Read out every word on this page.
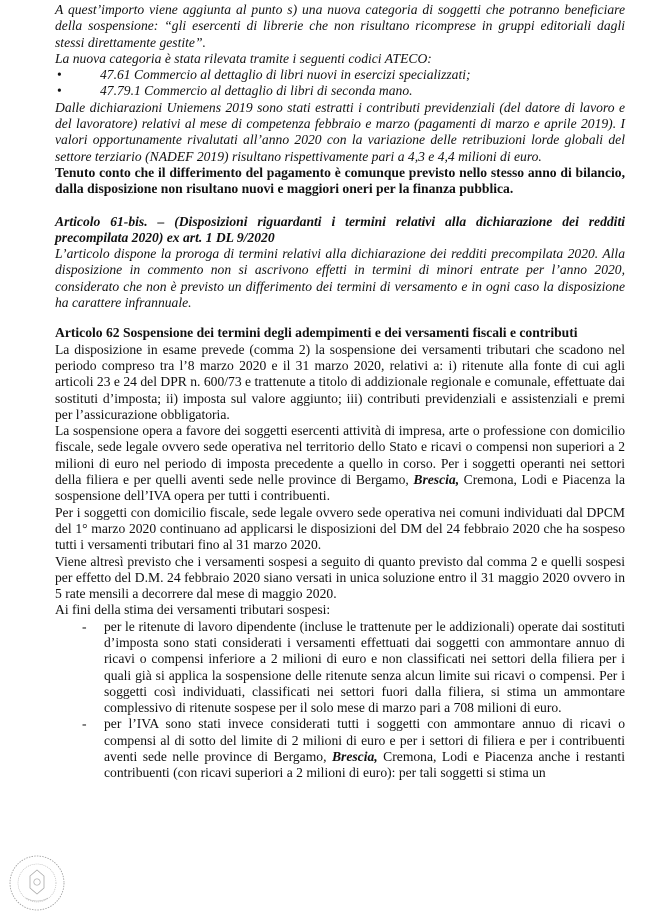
A quest’importo viene aggiunta al punto s) una nuova categoria di soggetti che potranno beneficiare della sospensione: “gli esercenti di librerie che non risultano ricomprese in gruppi editoriali dagli stessi direttamente gestite”.

La nuova categoria è stata rilevata tramite i seguenti codici ATECO:

•	47.61 Commercio al dettaglio di libri nuovi in esercizi specializzati;
•	47.79.1 Commercio al dettaglio di libri di seconda mano.

Dalle dichiarazioni Uniemens 2019 sono stati estratti i contributi previdenziali (del datore di lavoro e del lavoratore) relativi al mese di competenza febbraio e marzo (pagamenti di marzo e aprile 2019). I valori opportunamente rivalutati all’anno 2020 con la variazione delle retribuzioni lorde globali del settore terziario (NADEF 2019) risultano rispettivamente pari a 4,3 e 4,4 milioni di euro.

Tenuto conto che il differimento del pagamento è comunque previsto nello stesso anno di bilancio, dalla disposizione non risultano nuovi e maggiori oneri per la finanza pubblica.

Articolo 61-bis. – (Disposizioni riguardanti i termini relativi alla dichiarazione dei redditi precompilata 2020) ex art. 1 DL 9/2020

L’articolo dispone la proroga di termini relativi alla dichiarazione dei redditi precompilata 2020. Alla disposizione in commento non si ascrivono effetti in termini di minori entrate per l’anno 2020, considerato che non è previsto un differimento dei termini di versamento e in ogni caso la disposizione ha carattere infrannuale.

Articolo 62 Sospensione dei termini degli adempimenti e dei versamenti fiscali e contributi

La disposizione in esame prevede (comma 2) la sospensione dei versamenti tributari che scadono nel periodo compreso tra l’8 marzo 2020 e il 31 marzo 2020, relativi a: i) ritenute alla fonte di cui agli articoli 23 e 24 del DPR n. 600/73 e trattenute a titolo di addizionale regionale e comunale, effettuate dai sostituti d’imposta; ii) imposta sul valore aggiunto; iii) contributi previdenziali e assistenziali e premi per l’assicurazione obbligatoria.

La sospensione opera a favore dei soggetti esercenti attività di impresa, arte o professione con domicilio fiscale, sede legale ovvero sede operativa nel territorio dello Stato e ricavi o compensi non superiori a 2 milioni di euro nel periodo di imposta precedente a quello in corso. Per i soggetti operanti nei settori della filiera e per quelli aventi sede nelle province di Bergamo, Brescia, Cremona, Lodi e Piacenza la sospensione dell’IVA opera per tutti i contribuenti.

Per i soggetti con domicilio fiscale, sede legale ovvero sede operativa nei comuni individuati dal DPCM del 1° marzo 2020 continuano ad applicarsi le disposizioni del DM del 24 febbraio 2020 che ha sospeso tutti i versamenti tributari fino al 31 marzo 2020.

Viene altresì previsto che i versamenti sospesi a seguito di quanto previsto dal comma 2 e quelli sospesi per effetto del D.M. 24 febbraio 2020 siano versati in unica soluzione entro il 31 maggio 2020 ovvero in 5 rate mensili a decorrere dal mese di maggio 2020.

Ai fini della stima dei versamenti tributari sospesi:

- per le ritenute di lavoro dipendente (incluse le trattenute per le addizionali) operate dai sostituti d’imposta sono stati considerati i versamenti effettuati dai soggetti con ammontare annuo di ricavi o compensi inferiore a 2 milioni di euro e non classificati nei settori della filiera per i quali già si applica la sospensione delle ritenute senza alcun limite sui ricavi o compensi. Per i soggetti così individuati, classificati nei settori fuori dalla filiera, si stima un ammontare complessivo di ritenute sospese per il solo mese di marzo pari a 708 milioni di euro.
- per l’IVA sono stati invece considerati tutti i soggetti con ammontare annuo di ricavi o compensi al di sotto del limite di 2 milioni di euro e per i settori di filiera e per i contribuenti aventi sede nelle province di Bergamo, Brescia, Cremona, Lodi e Piacenza anche i restanti contribuenti (con ricavi superiori a 2 milioni di euro): per tali soggetti si stima un
